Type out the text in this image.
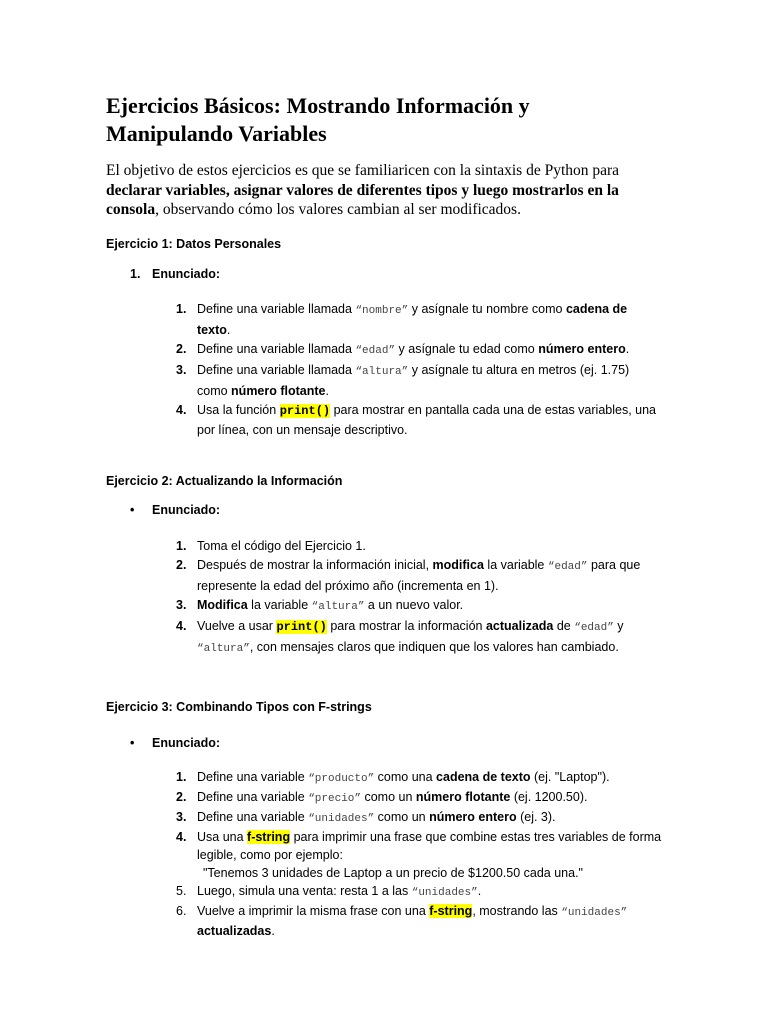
Ejercicios Básicos: Mostrando Información y Manipulando Variables
El objetivo de estos ejercicios es que se familiaricen con la sintaxis de Python para declarar variables, asignar valores de diferentes tipos y luego mostrarlos en la consola, observando cómo los valores cambian al ser modificados.
Ejercicio 1: Datos Personales
1. Enunciado:
1. Define una variable llamada “nombre” y asígnale tu nombre como cadena de texto.
2. Define una variable llamada “edad” y asígnale tu edad como número entero.
3. Define una variable llamada “altura” y asígnale tu altura en metros (ej. 1.75) como número flotante.
4. Usa la función print() para mostrar en pantalla cada una de estas variables, una por línea, con un mensaje descriptivo.
Ejercicio 2: Actualizando la Información
• Enunciado:
1. Toma el código del Ejercicio 1.
2. Después de mostrar la información inicial, modifica la variable “edad” para que represente la edad del próximo año (incrementa en 1).
3. Modifica la variable “altura” a un nuevo valor.
4. Vuelve a usar print() para mostrar la información actualizada de “edad” y “altura”, con mensajes claros que indiquen que los valores han cambiado.
Ejercicio 3: Combinando Tipos con F-strings
• Enunciado:
1. Define una variable “producto” como una cadena de texto (ej. "Laptop").
2. Define una variable “precio” como un número flotante (ej. 1200.50).
3. Define una variable “unidades” como un número entero (ej. 3).
4. Usa una f-string para imprimir una frase que combine estas tres variables de forma legible, como por ejemplo:
"Tenemos 3 unidades de Laptop a un precio de $1200.50 cada una."
5. Luego, simula una venta: resta 1 a las “unidades”.
6. Vuelve a imprimir la misma frase con una f-string, mostrando las “unidades”
actualizadas.
